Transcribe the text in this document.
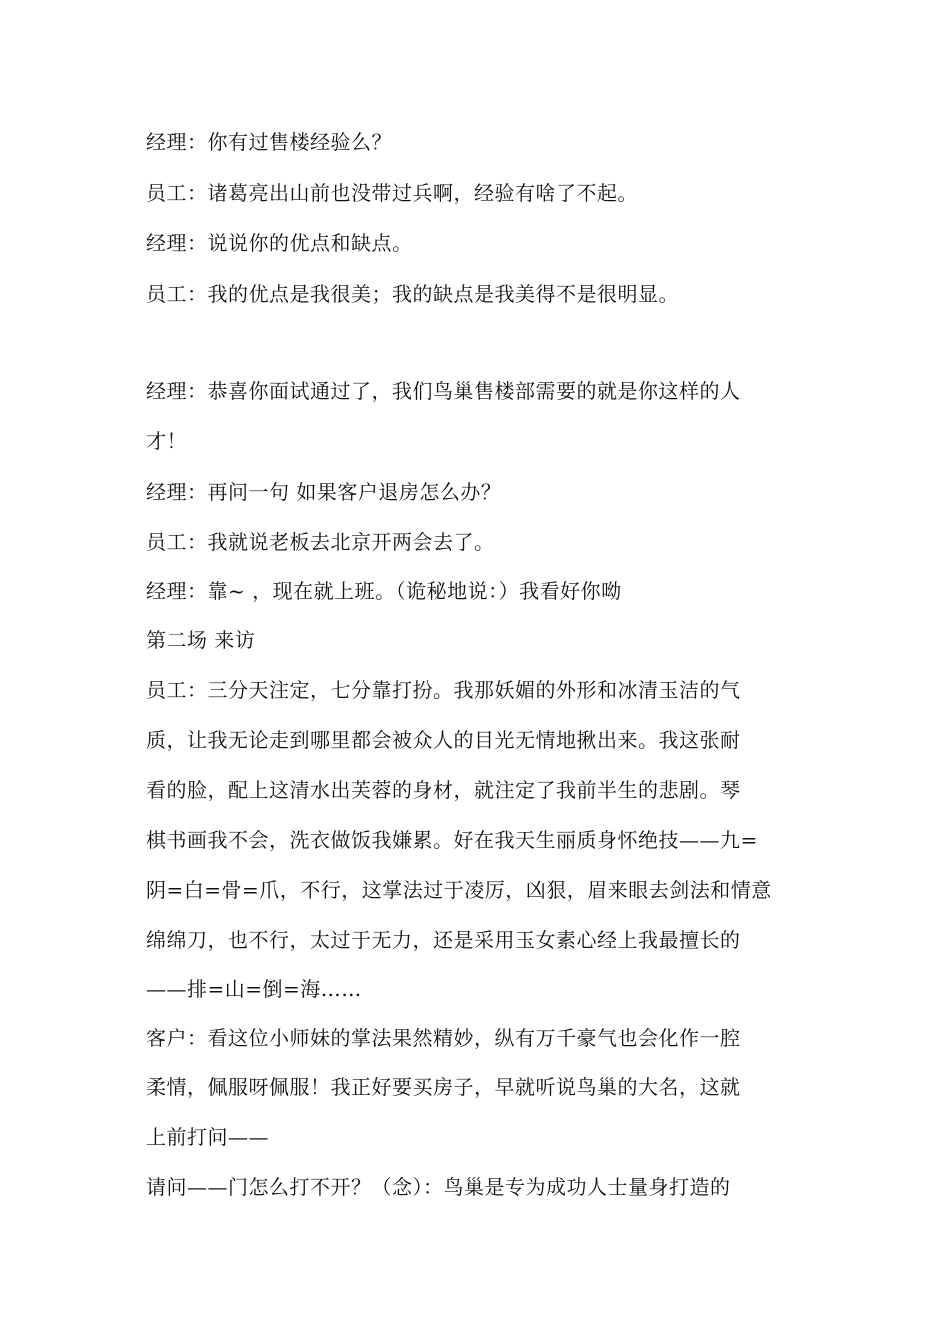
经理：你有过售楼经验么？
员工：诸葛亮出山前也没带过兵啊，经验有啥了不起。
经理：说说你的优点和缺点。
员工：我的优点是我很美；我的缺点是我美得不是很明显。
经理：恭喜你面试通过了，我们鸟巢售楼部需要的就是你这样的人
才！
经理：再问一句 如果客户退房怎么办？
员工：我就说老板去北京开两会去了。
经理：靠~ ，现在就上班。（诡秘地说：）我看好你呦
第二场 来访
员工：三分天注定，七分靠打扮。我那妖媚的外形和冰清玉洁的气
质，让我无论走到哪里都会被众人的目光无情地揪出来。我这张耐
看的脸，配上这清水出芙蓉的身材，就注定了我前半生的悲剧。琴
棋书画我不会，洗衣做饭我嫌累。好在我天生丽质身怀绝技——九=
阴=白=骨=爪，不行，这掌法过于凌厉，凶狠，眉来眼去剑法和情意
绵绵刀，也不行，太过于无力，还是采用玉女素心经上我最擅长的
——排=山=倒=海……
客户：看这位小师妹的掌法果然精妙，纵有万千豪气也会化作一腔
柔情，佩服呀佩服！我正好要买房子，早就听说鸟巢的大名，这就
上前打问——
请问——门怎么打不开？（念）：鸟巢是专为成功人士量身打造的
